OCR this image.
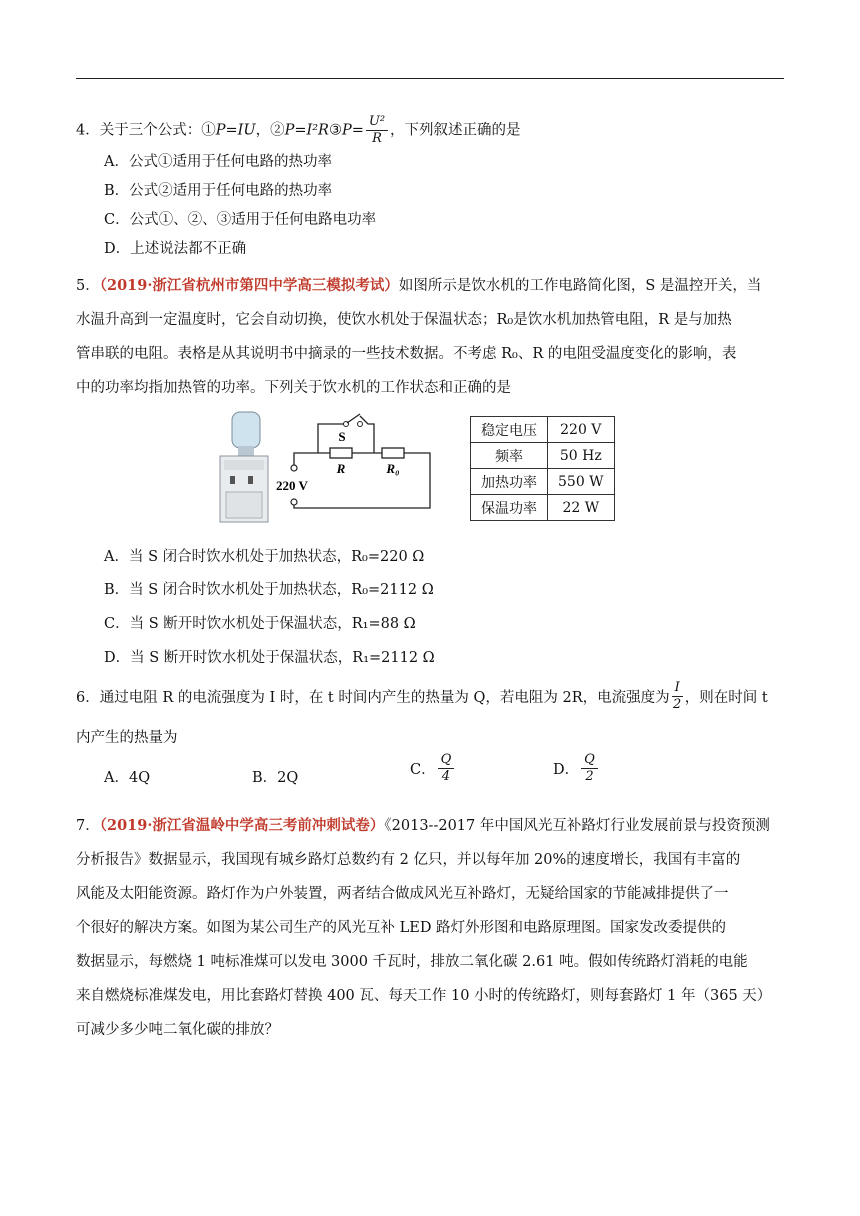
4．关于三个公式：①P=IU，②P=I²R③P= $\frac{\text{U²}}{R}$ ，下列叙述正确的是
A．公式①适用于任何电路的热功率
B．公式②适用于任何电路的热功率
C．公式①、②、③适用于任何电路电功率
D．上述说法都不正确
5．（2019·浙江省杭州市第四中学高三模拟考试）如图所示是饮水机的工作电路简化图，S 是温控开关，当
水温升高到一定温度时，它会自动切换，使饮水机处于保温状态；R₀是饮水机加热管电阻，R 是与加热
管串联的电阻。表格是从其说明书中摘录的一些技术数据。不考虑 R₀、R 的电阻受温度变化的影响，表
中的功率均指加热管的功率。下列关于饮水机的工作状态和正确的是
S
R	R₀
220 V
稳定电压	220 V
频率	50 Hz
加热功率	550 W
保温功率	22 W
A．当 S 闭合时饮水机处于加热状态，R₀=220 Ω
B．当 S 闭合时饮水机处于加热状态，R₀=2112 Ω
C．当 S 断开时饮水机处于保温状态，R₁=88 Ω
D．当 S 断开时饮水机处于保温状态，R₁=2112 Ω
6． 通过电阻 R 的电流强度为 I 时，在 t 时间内产生的热量为 Q，若电阻为 2R，电流强度为 $\frac{I}{2}$ ，则在时间 t
内产生的热量为
A．4Q	B．2Q	C． $\frac{Q}{4}$	D． $\frac{Q}{2}$
7．（2019·浙江省温岭中学高三考前冲刺试卷）《2013--2017 年中国风光互补路灯行业发展前景与投资预测
分析报告》数据显示，我国现有城乡路灯总数约有 2 亿只，并以每年加 20%的速度增长，我国有丰富的
风能及太阳能资源。路灯作为户外装置，两者结合做成风光互补路灯，无疑给国家的节能减排提供了一
个很好的解决方案。如图为某公司生产的风光互补 LED 路灯外形图和电路原理图。国家发改委提供的
数据显示，每燃烧 1 吨标准煤可以发电 3000 千瓦时，排放二氧化碳 2.61 吨。假如传统路灯消耗的电能
来自燃烧标准煤发电，用比套路灯替换 400 瓦、每天工作 10 小时的传统路灯，则每套路灯 1 年（365 天）
可减少多少吨二氧化碳的排放？
